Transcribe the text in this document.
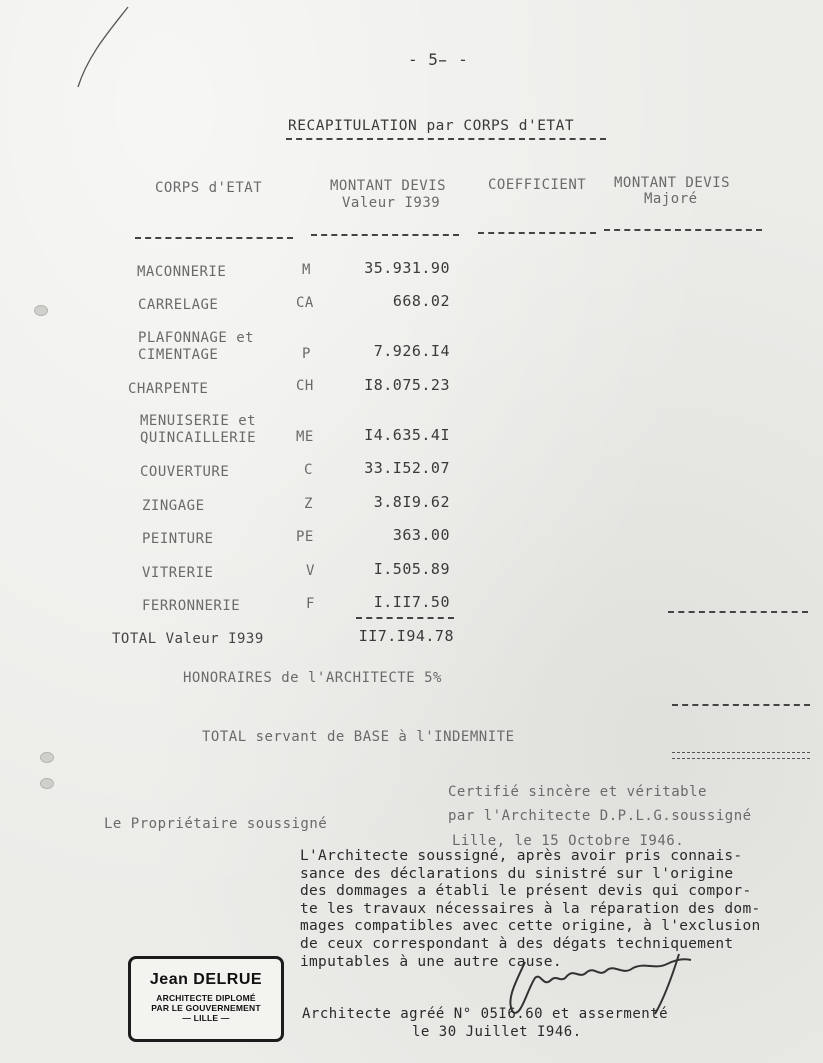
- 5̵ -
RECAPITULATION par CORPS d'ETAT
CORPS d'ETAT	MONTANT DEVIS
Valeur I939
COEFFICIENT MONTANT DEVIS
Majoré
MACONNERIE	M	35.931.90
CARRELAGE	CA	668.02
PLAFONNAGE et
CIMENTAGE	P	7.926.I4
CHARPENTE	CH	I8.075.23
MENUISERIE et
QUINCAILLERIE	ME	I4.635.4I
COUVERTURE	C	33.I52.07
ZINGAGE	Z	3.8I9.62
PEINTURE	PE	363.00
VITRERIE	V	I.505.89
FERRONNERIE	F	I.II7.50
TOTAL Valeur I939	II7.I94.78
HONORAIRES de l'ARCHITECTE 5%
TOTAL servant de BASE à l'INDEMNITE
Certifié sincère et véritable
par l'Architecte D.P.L.G.soussigné
Le Propriétaire soussigné
Lille, le 15 Octobre I946.
L'Architecte soussigné, après avoir pris connais-
sance des déclarations du sinistré sur l'origine
des dommages a établi le présent devis qui compor-
te les travaux nécessaires à la réparation des dom-
mages compatibles avec cette origine, à l'exclusion
de ceux correspondant à des dégats techniquement
imputables à une autre cause.
Jean DELRUE
ARCHITECTE DIPLOMÉ
PAR LE GOUVERNEMENT
— LILLE —	Architecte agréé N° 05I6.60 et assermenté
le 30 Juillet I946.
